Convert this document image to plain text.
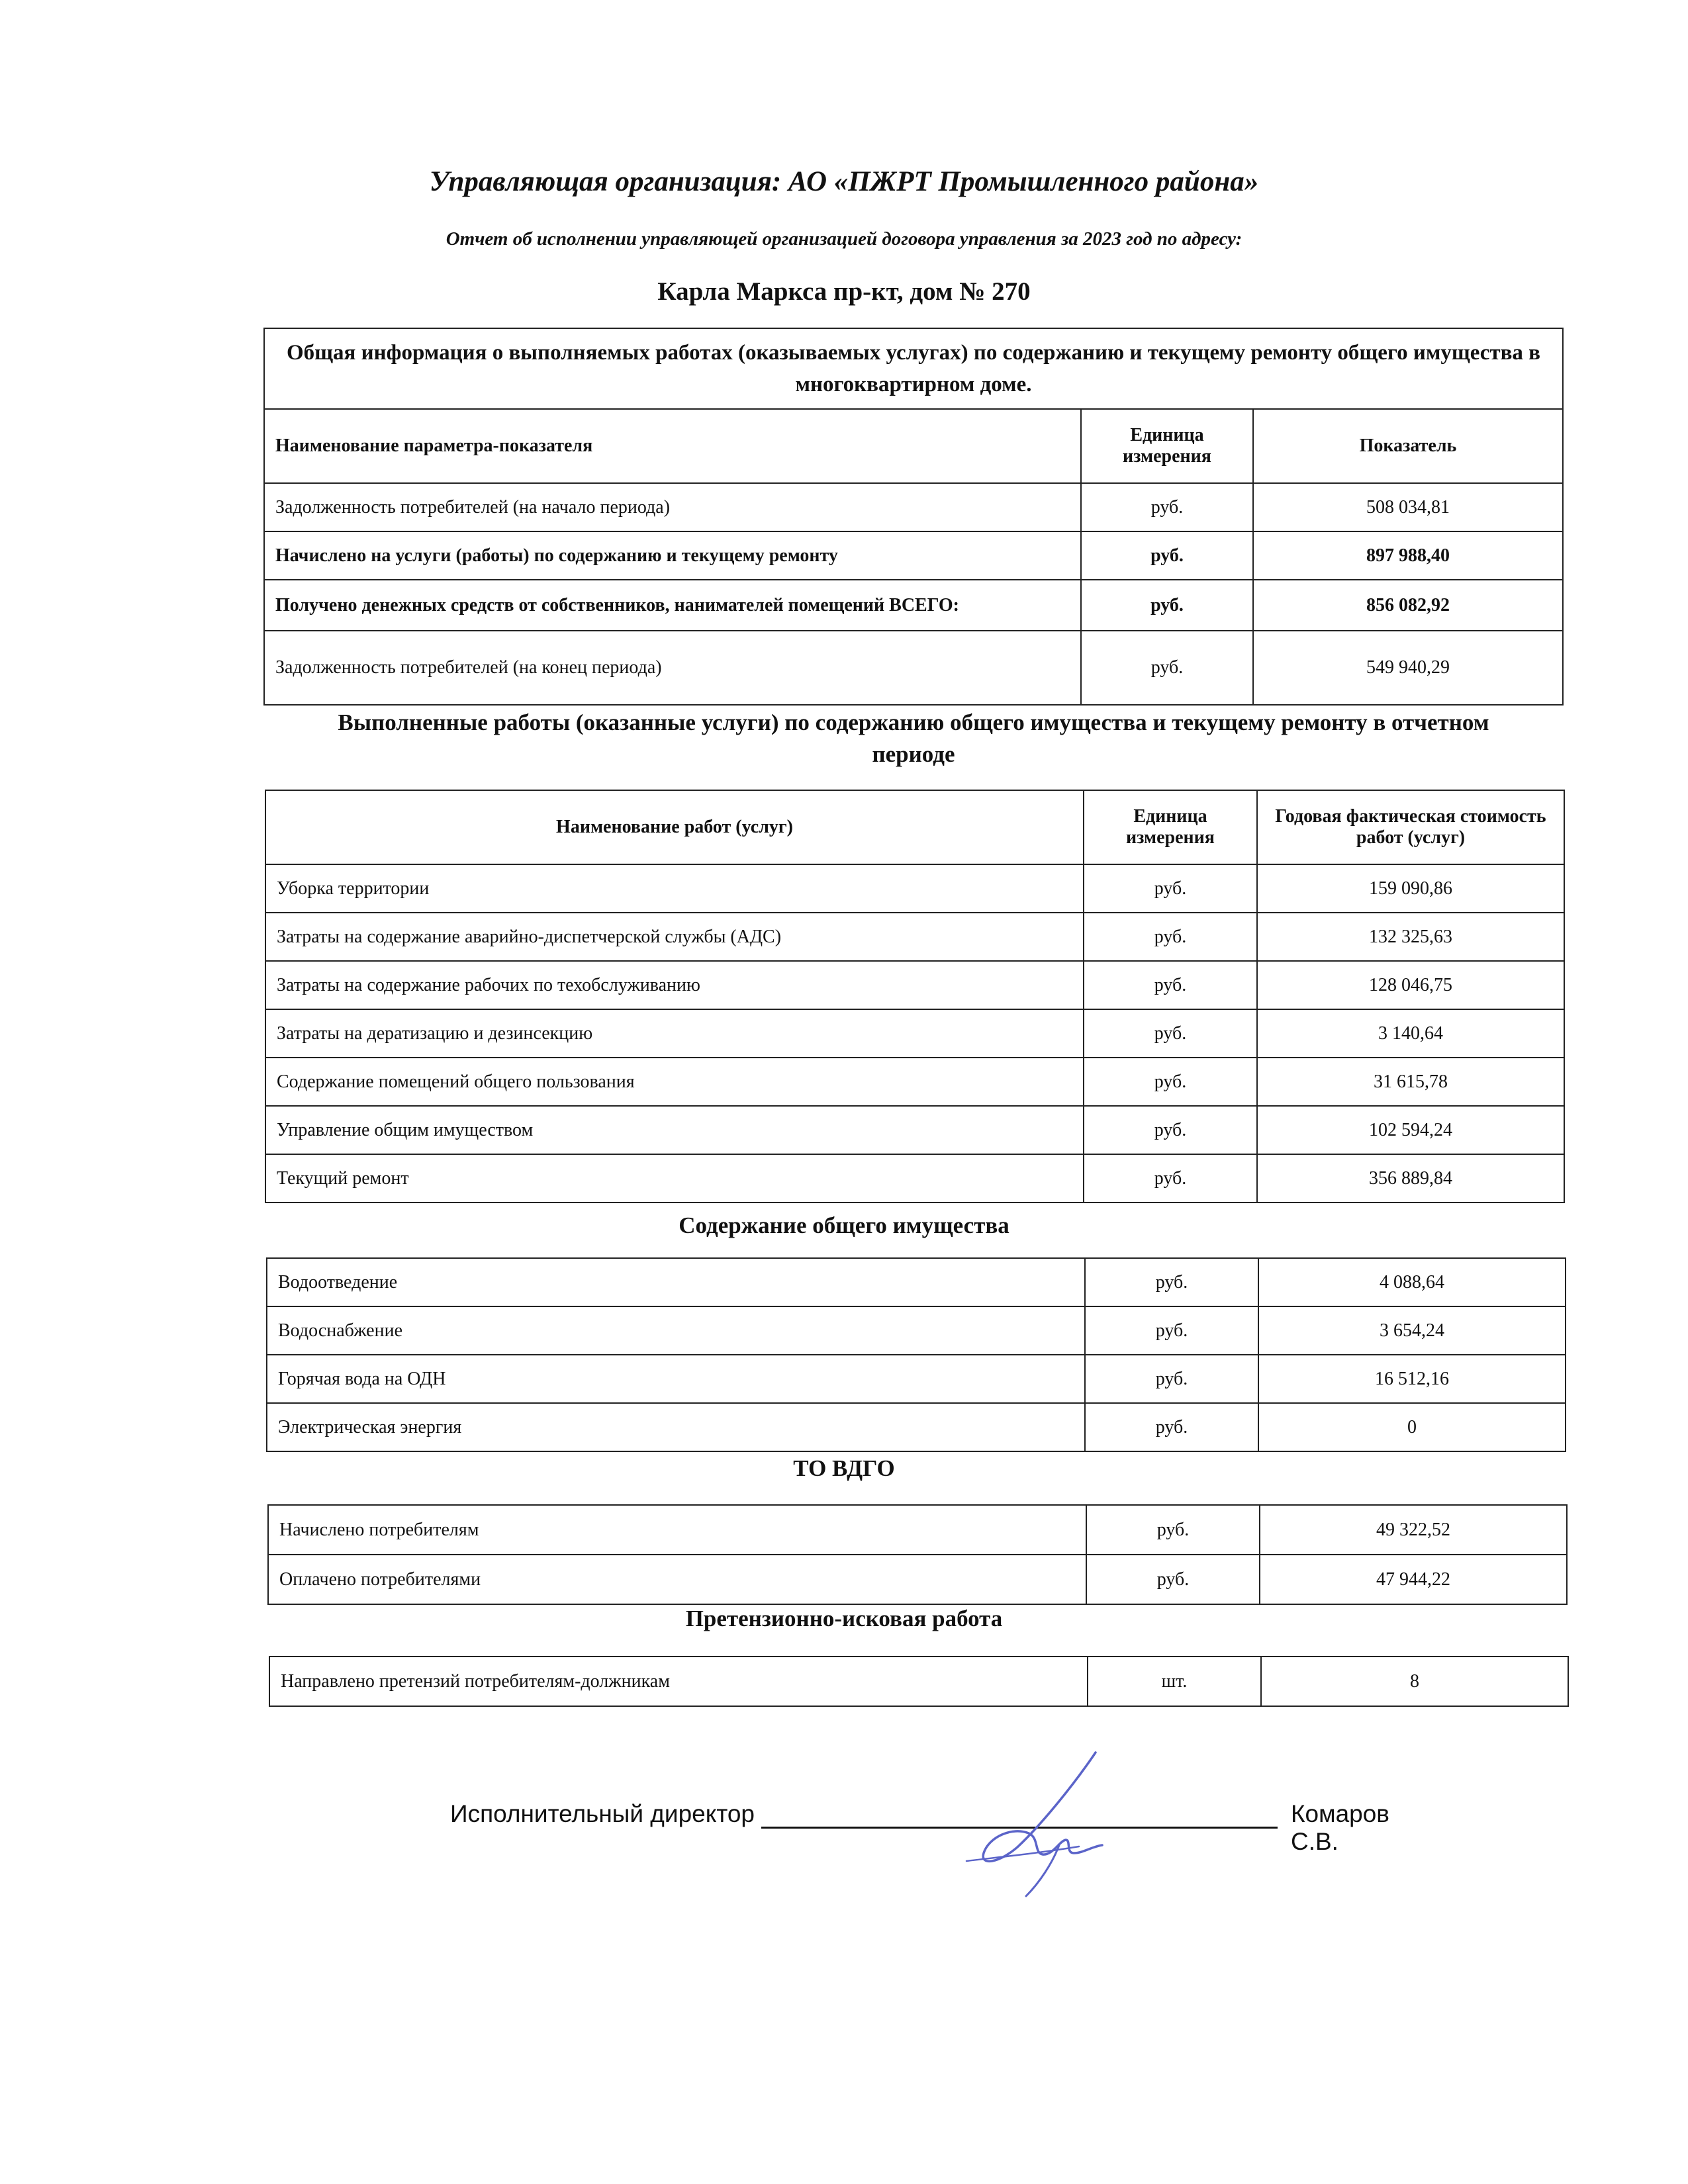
Управляющая организация: АО «ПЖРТ Промышленного района»
Отчет об исполнении управляющей организацией договора управления за 2023 год по адресу:
Карла Маркса пр-кт, дом № 270
Общая информация о выполняемых работах (оказываемых услугах) по содержанию и текущему ремонту общего имущества в многоквартирном доме.		
Наименование параметра-показателя	Единица измерения	Показатель
Задолженность потребителей (на начало периода)	руб.	508 034,81
Начислено на услуги (работы) по содержанию и текущему ремонту	руб.	897 988,40
Получено денежных средств от собственников, нанимателей помещений ВСЕГО:	руб.	856 082,92
Задолженность потребителей (на конец периода)	руб.	549 940,29
Выполненные работы (оказанные услуги) по содержанию общего имущества и текущему ремонту в отчетном периоде
Наименование работ (услуг)	Единица измерения	Годовая фактическая стоимость работ (услуг)
Уборка территории	руб.	159 090,86
Затраты на содержание аварийно-диспетчерской службы (АДС)	руб.	132 325,63
Затраты на содержание рабочих по техобслуживанию	руб.	128 046,75
Затраты на дератизацию и дезинсекцию	руб.	3 140,64
Содержание помещений общего пользования	руб.	31 615,78
Управление общим имуществом	руб.	102 594,24
Текущий ремонт	руб.	356 889,84
Содержание общего имущества
Водоотведение	руб.	4 088,64
Водоснабжение	руб.	3 654,24
Горячая вода на ОДН	руб.	16 512,16
Электрическая энергия	руб.	0
ТО ВДГО
Начислено потребителям	руб.	49 322,52
Оплачено потребителями	руб.	47 944,22
Претензионно-исковая работа
Направлено претензий потребителям-должникам	шт.	8
Исполнительный директор	Комаров С.В.
